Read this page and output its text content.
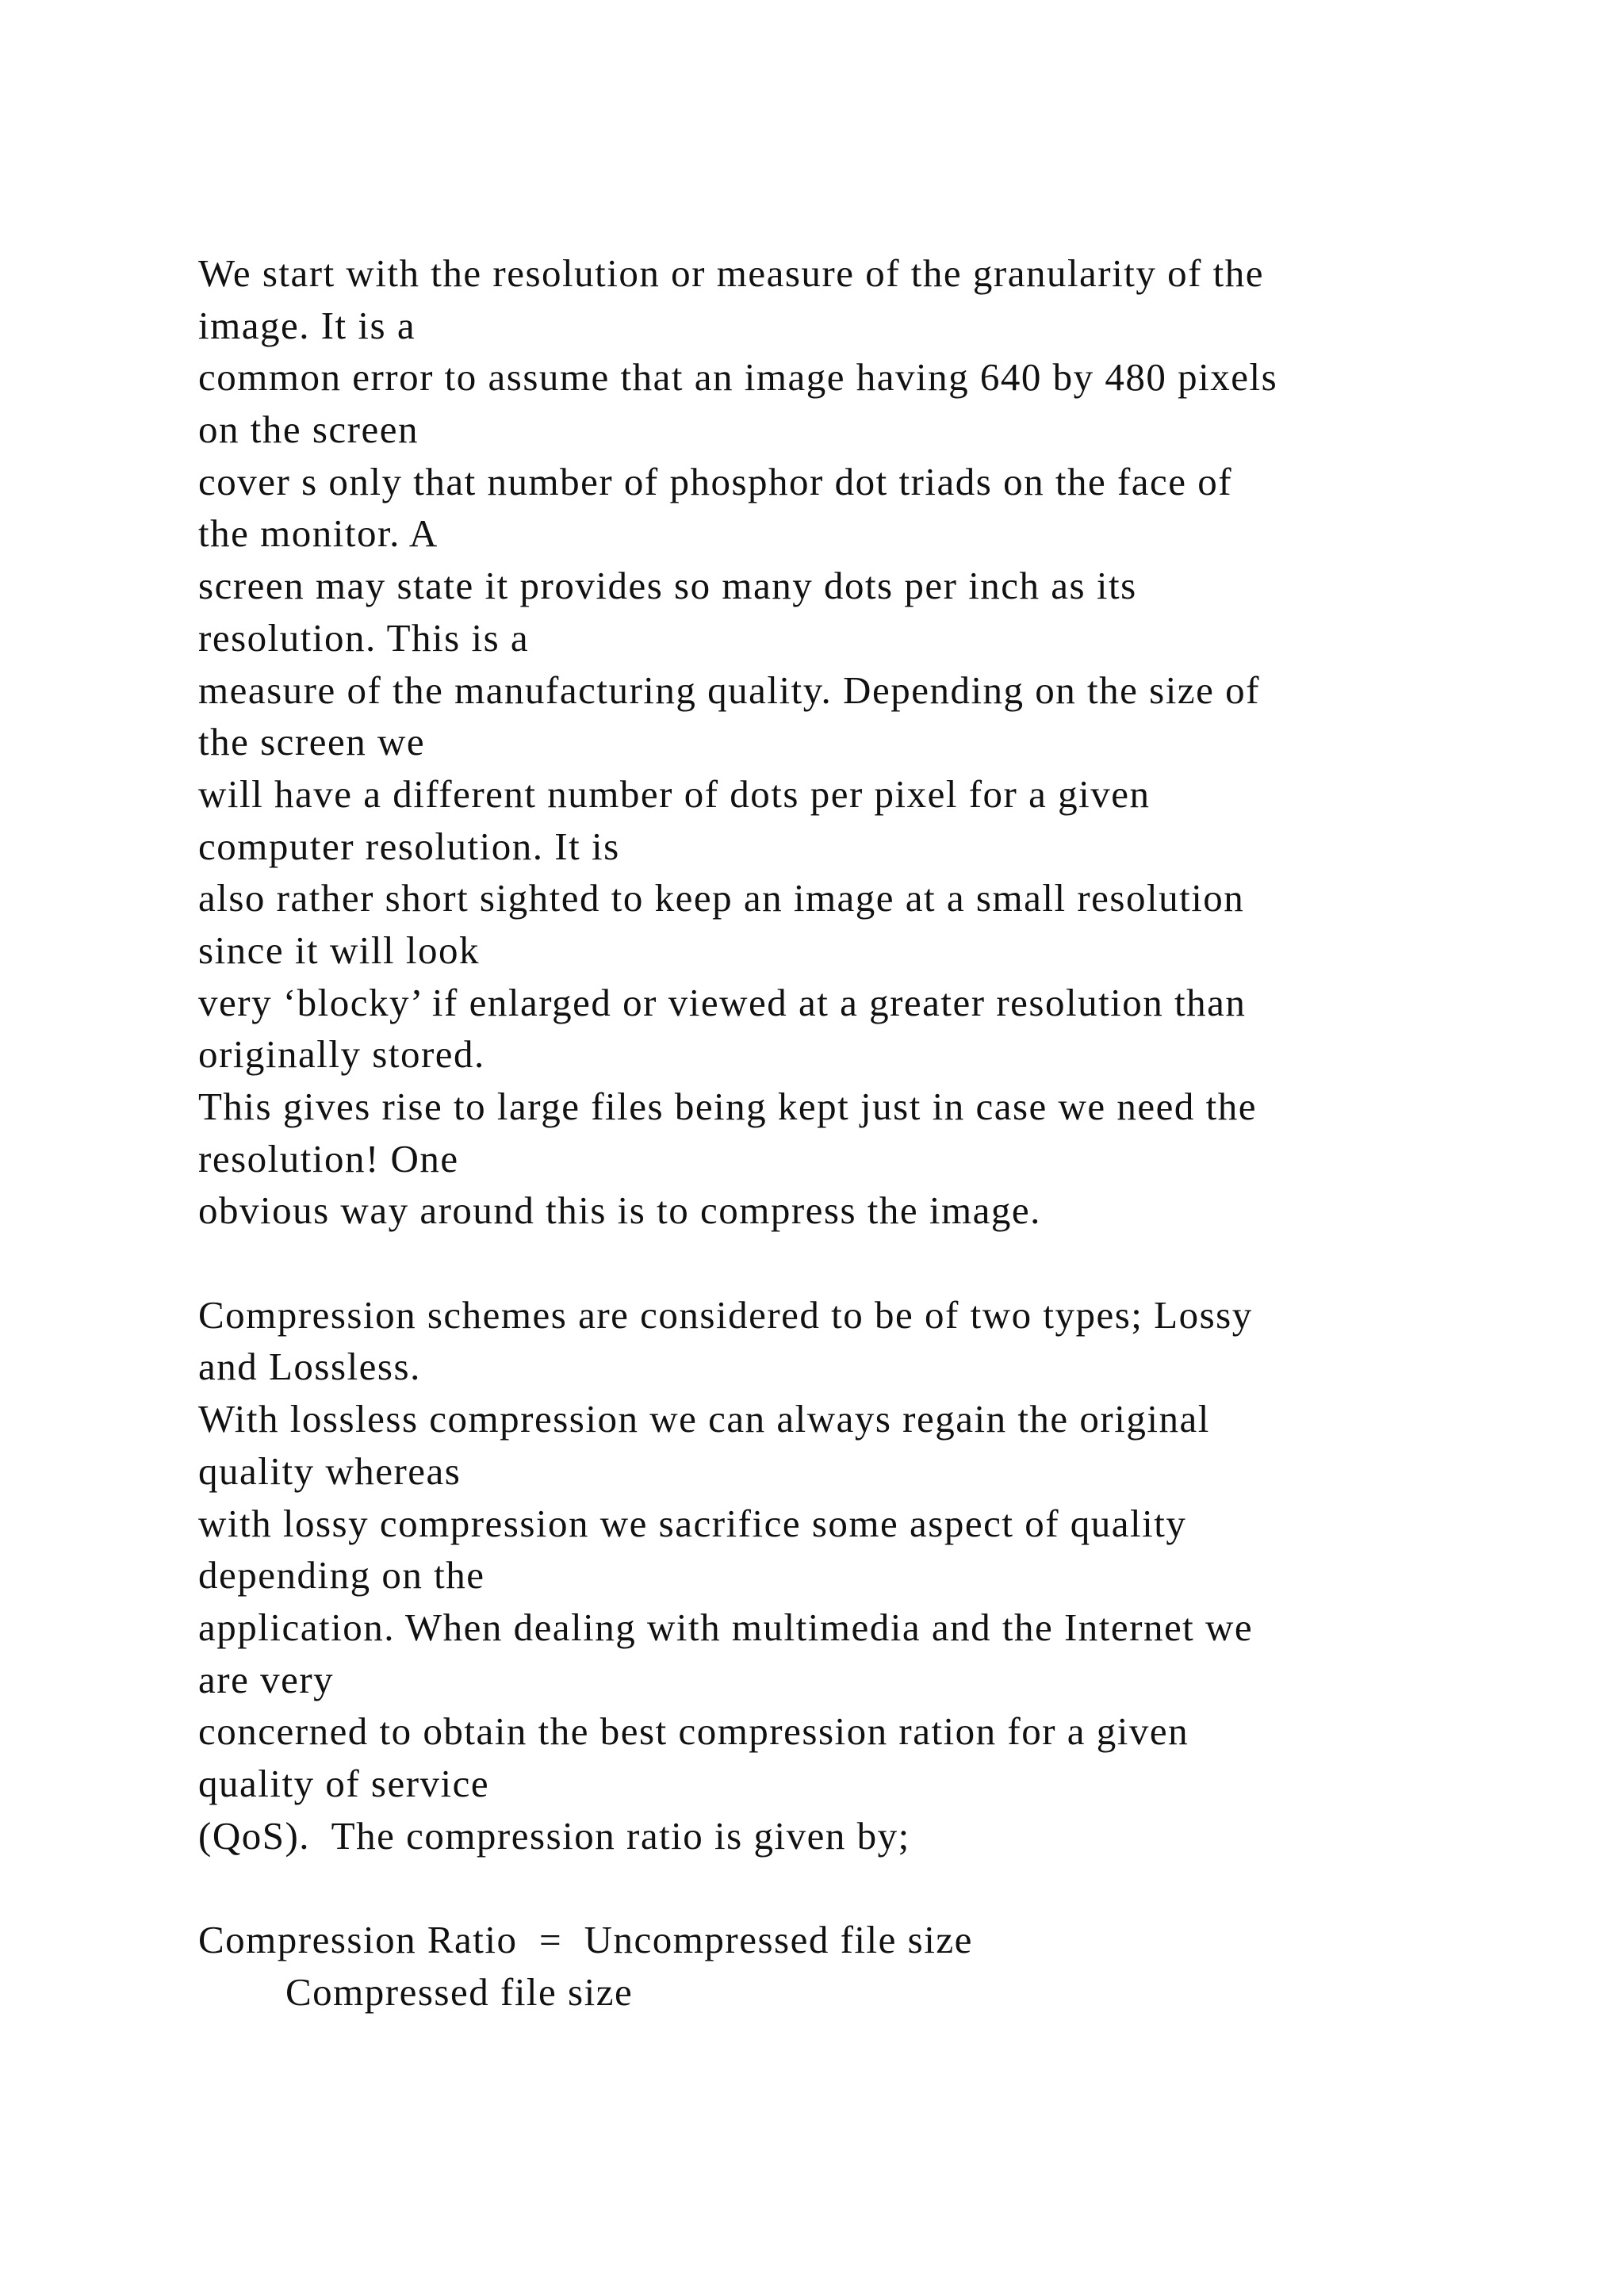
We start with the resolution or measure of the granularity of the
image. It is a
common error to assume that an image having 640 by 480 pixels
on the screen
cover s only that number of phosphor dot triads on the face of
the monitor. A
screen may state it provides so many dots per inch as its
resolution. This is a
measure of the manufacturing quality. Depending on the size of
the screen we
will have a different number of dots per pixel for a given
computer resolution. It is
also rather short sighted to keep an image at a small resolution
since it will look
very ‘blocky’ if enlarged or viewed at a greater resolution than
originally stored.
This gives rise to large files being kept just in case we need the
resolution! One
obvious way around this is to compress the image.
Compression schemes are considered to be of two types; Lossy
and Lossless.
With lossless compression we can always regain the original
quality whereas
with lossy compression we sacrifice some aspect of quality
depending on the
application. When dealing with multimedia and the Internet we
are very
concerned to obtain the best compression ration for a given
quality of service
(QoS).  The compression ratio is given by;
Compression Ratio  =  Uncompressed file size
Compressed file size
